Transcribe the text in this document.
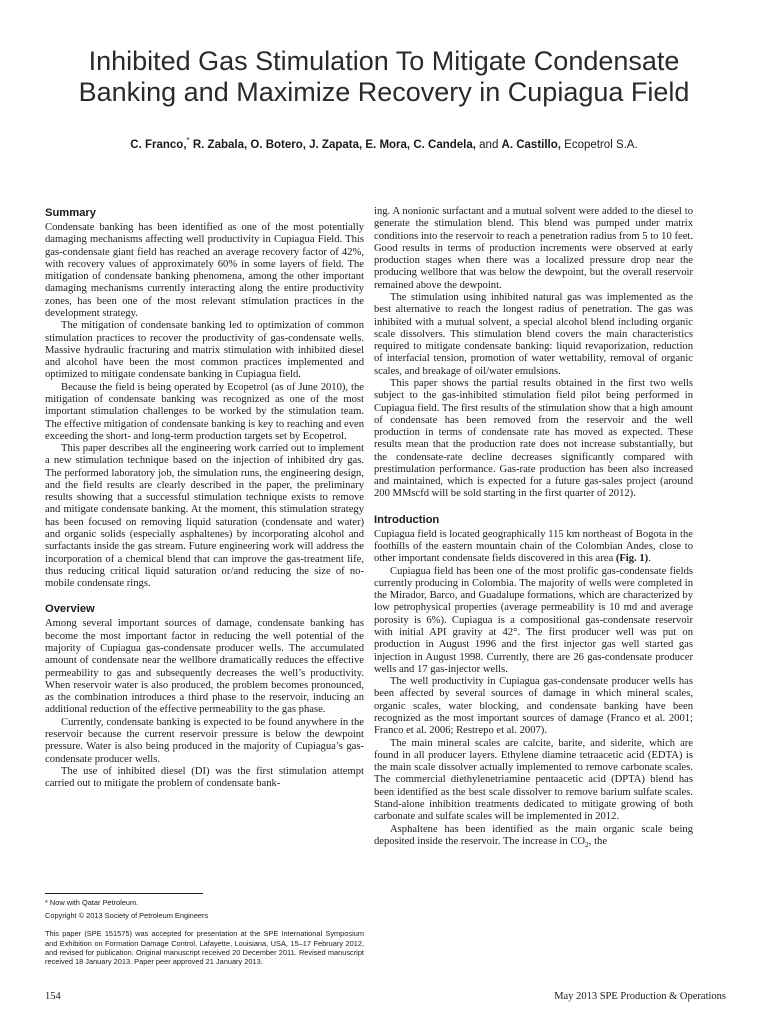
Inhibited Gas Stimulation To Mitigate Condensate Banking and Maximize Recovery in Cupiagua Field
C. Franco,* R. Zabala, O. Botero, J. Zapata, E. Mora, C. Candela, and A. Castillo, Ecopetrol S.A.
Summary

Condensate banking has been identified as one of the most potentially damaging mechanisms affecting well productivity in Cupiagua Field. This gas-condensate giant field has reached an average recovery factor of 42%, with recovery values of approximately 60% in some layers of field. The mitigation of condensate banking phenomena, among the other important damaging mechanisms currently interacting along the entire productivity zones, has been one of the most relevant stimulation practices in the development strategy.

The mitigation of condensate banking led to optimization of common stimulation practices to recover the productivity of gas-condensate wells. Massive hydraulic fracturing and matrix stimulation with inhibited diesel and alcohol have been the most common practices implemented and optimized to mitigate condensate banking in Cupiagua field.

Because the field is being operated by Ecopetrol (as of June 2010), the mitigation of condensate banking was recognized as one of the most important stimulation challenges to be worked by the stimulation team. The effective mitigation of condensate banking is key to reaching and even exceeding the short- and long-term production targets set by Ecopetrol.

This paper describes all the engineering work carried out to implement a new stimulation technique based on the injection of inhibited dry gas. The performed laboratory job, the simulation runs, the engineering design, and the field results are clearly described in the paper, the preliminary results showing that a successful stimulation technique exists to remove and mitigate condensate banking. At the moment, this stimulation strategy has been focused on removing liquid saturation (condensate and water) and organic solids (especially asphaltenes) by incorporating alcohol and surfactants inside the gas stream. Future engineering work will address the incorporation of a chemical blend that can improve the gas-treatment life, thus reducing critical liquid saturation or/and reducing the size of no-mobile condensate rings.

Overview

Among several important sources of damage, condensate banking has become the most important factor in reducing the well potential of the majority of Cupiagua gas-condensate producer wells. The accumulated amount of condensate near the wellbore dramatically reduces the effective permeability to gas and subsequently decreases the well’s productivity. When reservoir water is also produced, the problem becomes pronounced, as the combination introduces a third phase to the reservoir, inducing an additional reduction of the effective permeability to the gas phase.

Currently, condensate banking is expected to be found anywhere in the reservoir because the current reservoir pressure is below the dewpoint pressure. Water is also being produced in the majority of Cupiagua’s gas-condensate producer wells.

The use of inhibited diesel (DI) was the first stimulation attempt carried out to mitigate the problem of condensate bank-

* Now with Qatar Petroleum.

Copyright © 2013 Society of Petroleum Engineers

This paper (SPE 151575) was accepted for presentation at the SPE International Symposium and Exhibition on Formation Damage Control, Lafayette, Louisiana, USA, 15–17 February 2012, and revised for publication. Original manuscript received 20 December 2011. Revised manuscript received 18 January 2013. Paper peer approved 21 January 2013.

ing. A nonionic surfactant and a mutual solvent were added to the diesel to generate the stimulation blend. This blend was pumped under matrix conditions into the reservoir to reach a penetration radius from 5 to 10 feet. Good results in terms of production increments were observed at early production stages when there was a localized pressure drop near the producing wellbore that was below the dewpoint, but the overall reservoir remained above the dewpoint.

The stimulation using inhibited natural gas was implemented as the best alternative to reach the longest radius of penetration. The gas was inhibited with a mutual solvent, a special alcohol blend including organic scale dissolvers. This stimulation blend covers the main characteristics required to mitigate condensate banking: liquid revaporization, reduction of interfacial tension, promotion of water wettability, removal of organic scales, and breakage of oil/water emulsions.

This paper shows the partial results obtained in the first two wells subject to the gas-inhibited stimulation field pilot being performed in Cupiagua field. The first results of the stimulation show that a high amount of condensate has been removed from the reservoir and the well production in terms of condensate rate has moved as expected. These results mean that the production rate does not increase substantially, but the condensate-rate decline decreases significantly compared with prestimulation performance. Gas-rate production has been also increased and maintained, which is expected for a future gas-sales project (around 200 MMscfd will be sold starting in the first quarter of 2012).

Introduction

Cupiagua field is located geographically 115 km northeast of Bogota in the foothills of the eastern mountain chain of the Colombian Andes, close to other important condensate fields discovered in this area (Fig. 1).

Cupiagua field has been one of the most prolific gas-condensate fields currently producing in Colombia. The majority of wells were completed in the Mirador, Barco, and Guadalupe formations, which are characterized by low petrophysical properties (average permeability is 10 md and average porosity is 6%). Cupiagua is a compositional gas-condensate reservoir with initial API gravity at 42°. The first producer well was put on production in August 1996 and the first injector gas well started gas injection in August 1998. Currently, there are 26 gas-condensate producer wells and 17 gas-injector wells.

The well productivity in Cupiagua gas-condensate producer wells has been affected by several sources of damage in which mineral scales, organic scales, water blocking, and condensate banking have been recognized as the most important sources of damage (Franco et al. 2001; Franco et al. 2006; Restrepo et al. 2007).

The main mineral scales are calcite, barite, and siderite, which are found in all producer layers. Ethylene diamine tetraacetic acid (EDTA) is the main scale dissolver actually implemented to remove carbonate scales. The commercial diethylenetriamine pentaacetic acid (DPTA) blend has been identified as the best scale dissolver to remove barium sulfate scales. Stand-alone inhibition treatments dedicated to mitigate growing of both carbonate and sulfate scales will be implemented in 2012.

Asphaltene has been identified as the main organic scale being deposited inside the reservoir. The increase in $CO_2$, the

154	May 2013 SPE Production & Operations
